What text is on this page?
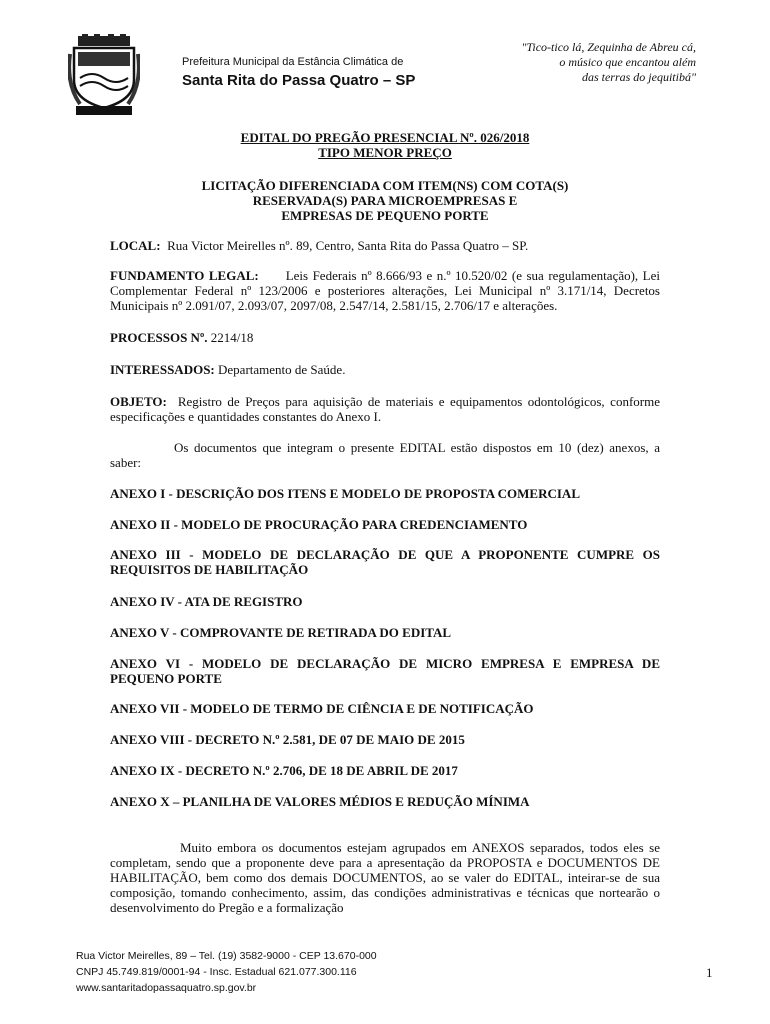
Prefeitura Municipal da Estância Climática de
Santa Rita do Passa Quatro – SP
"Tico-tico lá, Zequinha de Abreu cá,
o músico que encantou além
das terras do jequitibá"
EDITAL DO PREGÃO PRESENCIAL Nº. 026/2018
TIPO MENOR PREÇO
LICITAÇÃO DIFERENCIADA COM ITEM(NS) COM COTA(S)
RESERVADA(S) PARA MICROEMPRESAS E
EMPRESAS DE PEQUENO PORTE
LOCAL:  Rua Victor Meirelles nº. 89, Centro, Santa Rita do Passa Quatro – SP.
FUNDAMENTO LEGAL:      Leis Federais nº 8.666/93 e n.º 10.520/02 (e sua regulamentação), Lei Complementar Federal nº 123/2006 e posteriores alterações, Lei Municipal nº 3.171/14, Decretos Municipais nº 2.091/07, 2.093/07, 2097/08, 2.547/14, 2.581/15, 2.706/17 e alterações.
PROCESSOS Nº. 2214/18
INTERESSADOS: Departamento de Saúde.
OBJETO:  Registro de Preços para aquisição de materiais e equipamentos odontológicos, conforme especificações e quantidades constantes do Anexo I.
Os documentos que integram o presente EDITAL estão dispostos em 10 (dez) anexos, a saber:
ANEXO I - DESCRIÇÃO DOS ITENS E MODELO DE PROPOSTA COMERCIAL
ANEXO II - MODELO DE PROCURAÇÃO PARA CREDENCIAMENTO
ANEXO III - MODELO DE DECLARAÇÃO DE QUE A PROPONENTE CUMPRE OS REQUISITOS DE HABILITAÇÃO
ANEXO IV - ATA DE REGISTRO
ANEXO V - COMPROVANTE DE RETIRADA DO EDITAL
ANEXO VI - MODELO DE DECLARAÇÃO DE MICRO EMPRESA E EMPRESA DE PEQUENO PORTE
ANEXO VII - MODELO DE TERMO DE CIÊNCIA E DE NOTIFICAÇÃO
ANEXO VIII - DECRETO N.º 2.581, DE 07 DE MAIO DE 2015
ANEXO IX - DECRETO N.º 2.706, DE 18 DE ABRIL DE 2017
ANEXO X – PLANILHA DE VALORES MÉDIOS E REDUÇÃO MÍNIMA
Muito embora os documentos estejam agrupados em ANEXOS separados, todos eles se completam, sendo que a proponente deve para a apresentação da PROPOSTA e DOCUMENTOS DE HABILITAÇÃO, bem como dos demais DOCUMENTOS, ao se valer do EDITAL, inteirar-se de sua composição, tomando conhecimento, assim, das condições administrativas e técnicas que nortearão o desenvolvimento do Pregão e a formalização
Rua Victor Meirelles, 89 – Tel. (19) 3582-9000 - CEP 13.670-000
CNPJ 45.749.819/0001-94 - Insc. Estadual 621.077.300.116
www.santaritadopassaquatro.sp.gov.br
1
